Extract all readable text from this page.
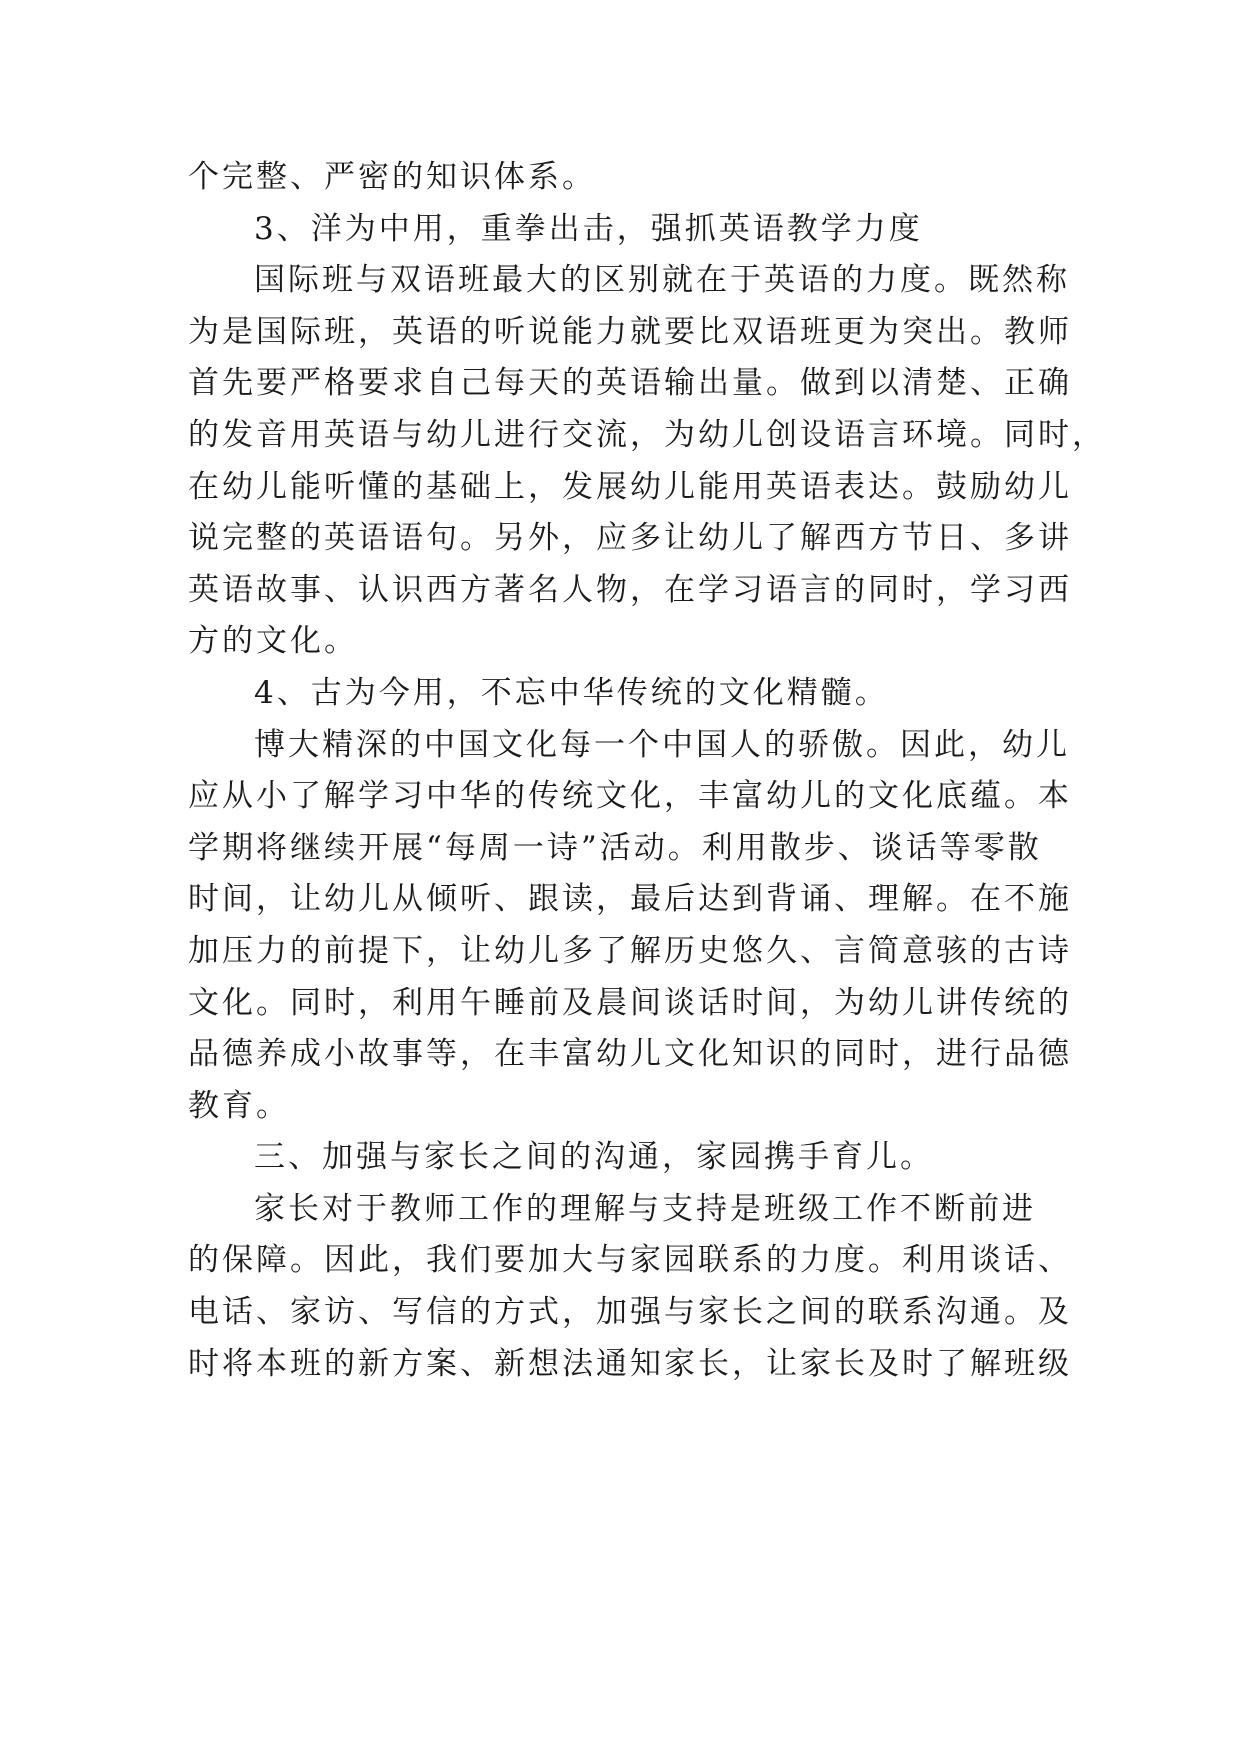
个完整、严密的知识体系。
3、洋为中用，重拳出击，强抓英语教学力度
国际班与双语班最大的区别就在于英语的力度。既然称
为是国际班，英语的听说能力就要比双语班更为突出。教师
首先要严格要求自己每天的英语输出量。做到以清楚、正确
的发音用英语与幼儿进行交流，为幼儿创设语言环境。同时，
在幼儿能听懂的基础上，发展幼儿能用英语表达。鼓励幼儿
说完整的英语语句。另外，应多让幼儿了解西方节日、多讲
英语故事、认识西方著名人物，在学习语言的同时，学习西
方的文化。
4、古为今用，不忘中华传统的文化精髓。
博大精深的中国文化每一个中国人的骄傲。因此，幼儿
应从小了解学习中华的传统文化，丰富幼儿的文化底蕴。本
学期将继续开展“每周一诗”活动。利用散步、谈话等零散
时间，让幼儿从倾听、跟读，最后达到背诵、理解。在不施
加压力的前提下，让幼儿多了解历史悠久、言简意骇的古诗
文化。同时，利用午睡前及晨间谈话时间，为幼儿讲传统的
品德养成小故事等，在丰富幼儿文化知识的同时，进行品德
教育。
三、加强与家长之间的沟通，家园携手育儿。
家长对于教师工作的理解与支持是班级工作不断前进
的保障。因此，我们要加大与家园联系的力度。利用谈话、
电话、家访、写信的方式，加强与家长之间的联系沟通。及
时将本班的新方案、新想法通知家长，让家长及时了解班级
